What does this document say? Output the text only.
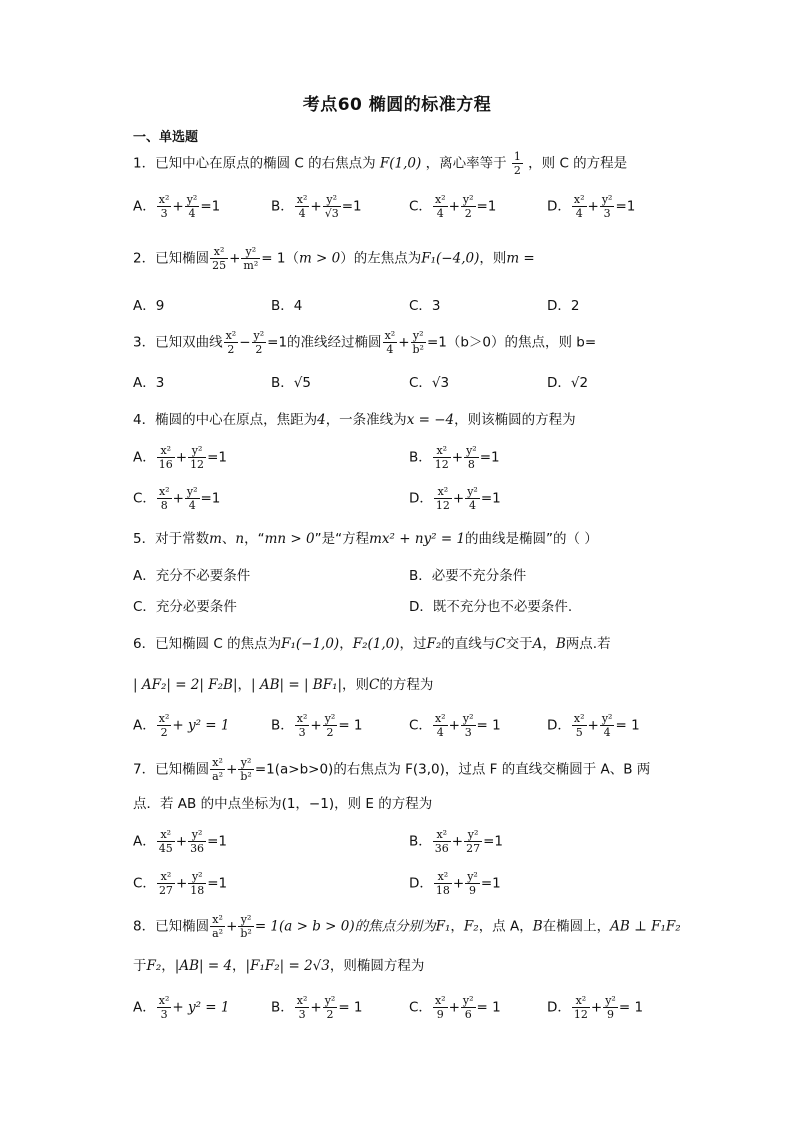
考点60 椭圆的标准方程
一、单选题
1．已知中心在原点的椭圆 C 的右焦点为 F(1,0) ，离心率等于 $\frac{1}{2}$ ，则 C 的方程是
A． $\frac{\text{x²}}{3} + \frac{\text{y²}}{4} =1$	B． $\frac{\text{x²}}{4} + \frac{\text{y²}}{√3} =1$	C． $\frac{\text{x²}}{4} + \frac{\text{y²}}{2} =1$	D． $\frac{\text{x²}}{4} + \frac{\text{y²}}{3} =1$
2．已知椭圆 $\frac{\text{x²}}{25} + \frac{\text{y²}}{\text{m²}} = 1(m > 0)$的左焦点为F₁(−4,0)，则m =
A．9	B．4	C．3	D．2
3．已知双曲线 $\frac{\text{x²}}{2} - \frac{\text{y²}}{2} =1$的准线经过椭圆 $\frac{\text{x²}}{4} + \frac{\text{y²}}{\text{b²}} =1(b>0)$的焦点，则 b=
A．3	B．√5	C．√3	D．√2
4．椭圆的中心在原点，焦距为4，一条准线为x = −4，则该椭圆的方程为
A． $\frac{\text{x²}}{16} + \frac{\text{y²}}{12} =1$	B． $\frac{\text{x²}}{12} + \frac{\text{y²}}{8} =1$
C． $\frac{\text{x²}}{8} + \frac{\text{y²}}{4} =1$	D． $\frac{\text{x²}}{12} + \frac{\text{y²}}{4} =1$
5．对于常数m、n，“mn > 0”是“方程mx² + ny² = 1的曲线是椭圆”的（ ）
A．充分不必要条件	B．必要不充分条件
C．充分必要条件	D．既不充分也不必要条件.
6．已知椭圆 C 的焦点为F₁(−1,0)，F₂(1,0)，过F₂的直线与C交于A，B两点.若
| AF₂| = 2| F₂B|，| AB| = | BF₁|，则C的方程为
A． $\frac{\text{x²}}{2} + y^2 = 1$	B． $\frac{\text{x²}}{3} + \frac{\text{y²}}{2} = 1$	C． $\frac{\text{x²}}{4} + \frac{\text{y²}}{3} = 1$	D． $\frac{\text{x²}}{5} + \frac{\text{y²}}{4} = 1$
7．已知椭圆 $\frac{\text{x²}}{\text{a²}} + \frac{\text{y²}}{\text{b²}} =1(a>b>0)$的右焦点为 F(3,0)，过点 F 的直线交椭圆于 A、B 两
点．若 AB 的中点坐标为(1，−1)，则 E 的方程为
A． $\frac{\text{x²}}{45} + \frac{\text{y²}}{36} =1$	B． $\frac{\text{x²}}{36} + \frac{\text{y²}}{27} =1$
C． $\frac{\text{x²}}{27} + \frac{\text{y²}}{18} =1$	D． $\frac{\text{x²}}{18} + \frac{\text{y²}}{9} =1$
8．已知椭圆 $\frac{\text{x²}}{\text{a²}} + \frac{\text{y²}}{\text{b²}} = 1(a > b > 0)$的焦点分别为F₁，F₂，点 A，B在椭圆上，AB ⊥ F₁F₂
于F₂，|AB| = 4，|F₁F₂| = 2√3，则椭圆方程为
A． $\frac{\text{x²}}{3} + y^2 = 1$	B． $\frac{\text{x²}}{3} + \frac{\text{y²}}{2} = 1$	C． $\frac{\text{x²}}{9} + \frac{\text{y²}}{6} = 1$	D． $\frac{\text{x²}}{12} + \frac{\text{y²}}{9} = 1$
